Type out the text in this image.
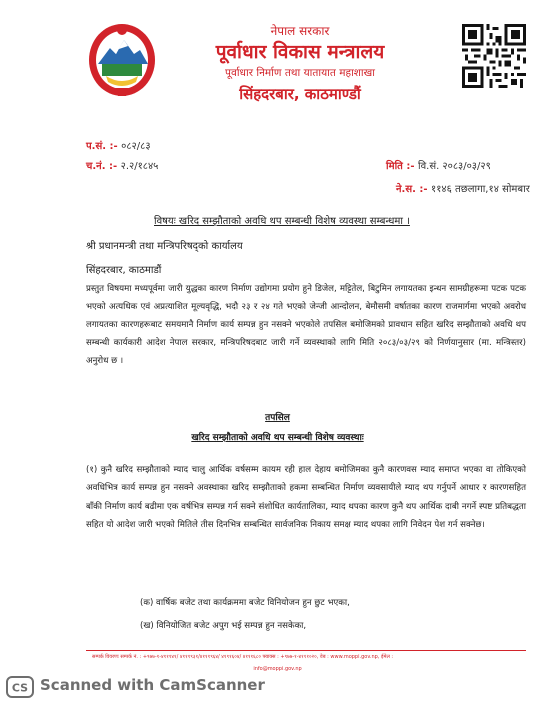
नेपाल सरकार
पूर्वाधार विकास मन्त्रालय
पूर्वाधार निर्माण तथा यातायात महाशाखा
सिंहदरबार, काठमाण्डौं
प.सं. :- ०८२/८३
च.नं. :- २.२/१८४५	मिति :- वि.सं. २०८३/०३/२९
ने.स. :- ११४६ तछलागा,१४ सोमबार
विषयः खरिद सम्झौताको अवधि थप सम्बन्धी विशेष व्यवस्था सम्बन्धमा ।
श्री प्रधानमन्त्री तथा मन्त्रिपरिषद्को कार्यालय
सिंहदरबार, काठमाडौं
प्रस्तुत विषयमा मध्यपूर्वमा जारी युद्धका कारण निर्माण उद्योगमा प्रयोग हुने डिजेल, मट्टितेल, बिटुमिन लगायतका इन्धन सामग्रीहरूमा पटक पटक भएको अत्यधिक एवं अप्रत्याशित मूल्यवृद्धि, भदौ २३ र २४ गते भएको जेन्जी आन्दोलन, बेमौसमी वर्षातका कारण राजमार्गमा भएको अवरोध लगायतका कारणहरूबाट समयमानै निर्माण कार्य सम्पन्न हुन नसक्ने भएकोले तपसिल बमोजिमको प्रावधान सहित खरिद सम्झौताको अवधि थप सम्बन्धी कार्यकारी आदेश नेपाल सरकार, मन्त्रिपरिषदबाट जारी गर्ने व्यवस्थाको लागि मिति २०८३/०३/२९ को निर्णयानुसार (मा. मन्त्रिस्तर) अनुरोध छ ।
तपसिल
खरिद सम्झौताको अवधि थप सम्बन्धी विशेष व्यवस्थाः
(१) कुनै खरिद सम्झौताको म्याद चालु आर्थिक वर्षसम्म कायम रही हाल देहाय बमोजिमका कुनै कारणवस म्याद समाप्त भएका वा तोकिएको अवधिभित्र कार्य सम्पन्न हुन नसक्ने अवस्थाका खरिद सम्झौताको हकमा सम्बन्धित निर्माण व्यवसायीले म्याद थप गर्नुपर्ने आधार र कारणसहित बाँकी निर्माण कार्य बढीमा एक वर्षभित्र सम्पन्न गर्न सक्ने संशोधित कार्यतालिका, म्याद थपका कारण कुनै थप आर्थिक दाबी नगर्ने स्पष्ट प्रतिबद्धता सहित यो आदेश जारी भएको मितिले तीस दिनभित्र सम्बन्धित सार्वजनिक निकाय समक्ष म्याद थपका लागि निवेदन पेश गर्न सक्नेछ।
(क) वार्षिक बजेट तथा कार्यक्रममा बजेट विनियोजन हुन छुट भएका,
(ख) विनियोजित बजेट अपुग भई सम्पन्न हुन नसकेका,
सम्पर्क विवरणः सम्पर्क नं. : +९७७-१-४१११४१/ ४१११९३१/४१११९६४/ ४१९१६०४/ ४१११६८० फ्याक्स : +९७७-१-४१११०२०, वेब : www.moppi.gov.np, ईमेल :
info@moppi.gov.np
CS Scanned with CamScanner
